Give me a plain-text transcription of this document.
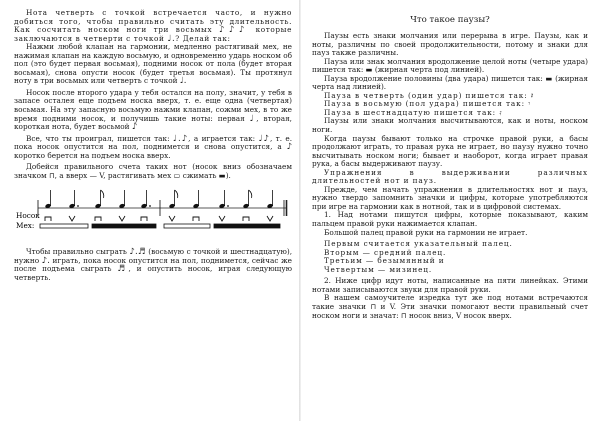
Нота четверть с точкой встречается часто, и нужно добиться того, чтобы правильно считать эту длительность. Как сосчитать носком ноги три восьмых ♪♪♪ которые заключаются в четверти с точкой ♩.? Делай так:

Нажми любой клапан на гармонии, медленно растягивай мех, не нажимая клапан на каждую восьмую, и одновременно ударь носком об пол (это будет первая восьмая), подними носок от пола (будет вторая восьмая), снова опусти носок (будет третья восьмая). Ты протянул ноту в три восьмых или четверть с точкой ♩.

Носок после второго удара у тебя остался на полу, значит, у тебя в запасе осталея еще подъем носка вверх, т. е. еще одна (четвертая) восьмая. На эту запасную восьмую нажми клапан, сожми мех, в то же время подними носок, и получишь такие ноты: первая ♩, вторая, короткая нота, будет восьмой ♪

Все, что ты проиграл, пишется так: ♩.♪, а играется так: ♩♪, т. е. пока носок опустится на пол, поднимется и снова опустится, а ♪ коротко берется на подъем носка вверх.

Добейся правильного счета таких нот (носок вниз обозначаем значком ⊓, а вверх — V, растягивать мех ▭ сжимать ▬).

Носок
Мех:

Чтобы правильно сыграть ♪.♬ (восьмую с точкой и шестнадцатую), нужно ♪. играть, пока носок опустится на пол, поднимется, сейчас же после подъема сыграть ♬, и опустить носок, играя следующую четверть.

Что такое паузы?

Паузы есть знаки молчания или перерыва в игре. Паузы, как и ноты, различны по своей продолжительности, потому и знаки для пауз также различны.

Пауза или знак молчания вродолжение целой ноты (четыре удара) пишется так: ▬ (жирная черта под линией).

Пауза вродолжение половины (два удара) пишется так: ▬ (жирная черта над линией).

Пауза в четверть (один удар) пишется так: 𝄽

Пауза в восьмую (пол удара) пишется так: 𝄾

Пауза в шестнадцатую пишется так: 𝄿

Паузы или знаки молчания высчитываются, как и ноты, носком ноги.

Когда паузы бывают только на строчке правой руки, а басы продолжают играть, то правая рука не играет, но паузу нужно точно высчитывать носком ноги; бывает и наоборот, когда играет правая рука, а басы выдерживают паузу.

Упражнения в выдерживании различных длительностей нот и пауз.

Прежде, чем начать упражнения в длительностях нот и пауз, нужно твердо запомнить значки и цифры, которые употребляются при игре на гармонии как в нотной, так и в цифровой системах.

1. Над нотами пишутся цифры, которые показывают, каким пальцем правой руки нажимается клапан.

Большой палец правой руки на гармонии не играет.

Первым считается указательный палец.

Вторым — средний палец.

Третьим — безымянный и

Четвертым — мизинец.

2. Ниже цифр идут ноты, написанные на пяти линейках. Этими нотами записываются звуки для правой руки.

В нашем самоучителе изредка тут же под нотами встречаются такие значки ⊓ и V. Эти значки помогают вести правильный счет носком ноги и значат: ⊓ носок вниз, V носок вверх.
